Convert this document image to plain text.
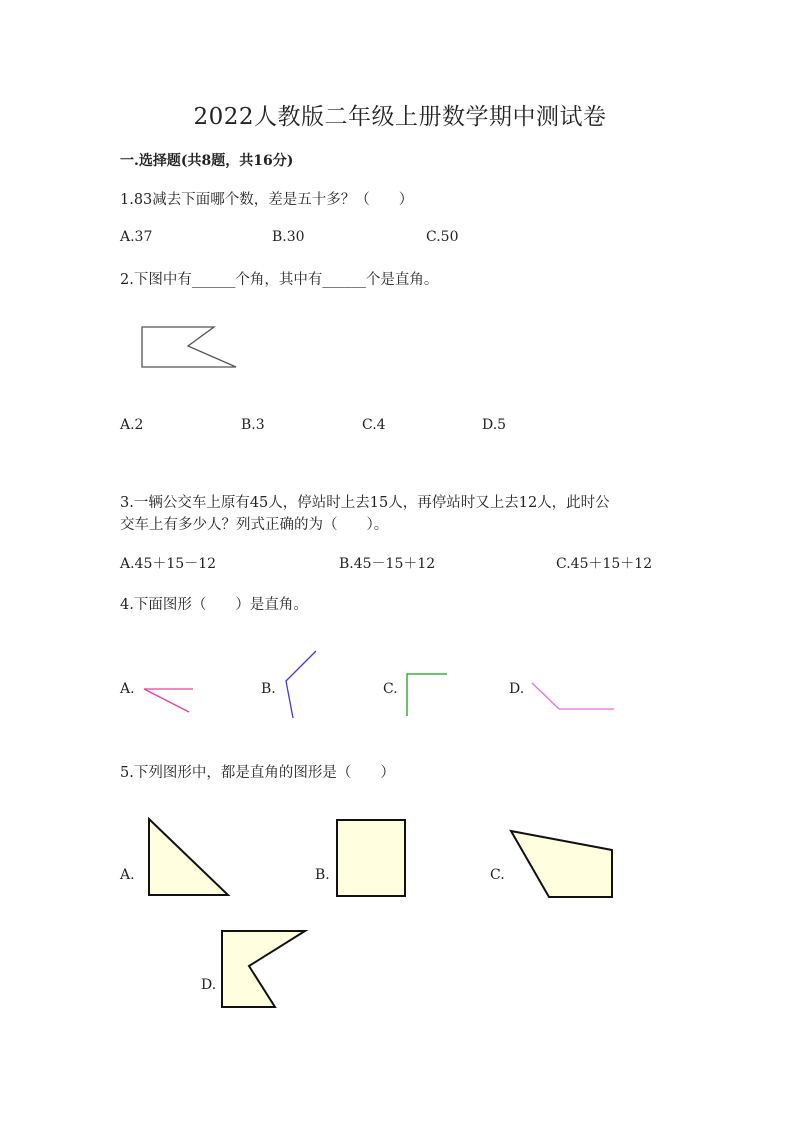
2022人教版二年级上册数学期中测试卷
一.选择题(共8题，共16分)
1.83减去下面哪个数，差是五十多？（　　）
A.37	B.30	C.50
2.下图中有______个角，其中有______个是直角。
A.2	B.3	C.4	D.5
3.一辆公交车上原有45人，停站时上去15人，再停站时又上去12人，此时公
交车上有多少人？列式正确的为（　　）。
A.45＋15－12	B.45－15＋12	C.45＋15＋12
4.下面图形（　　）是直角。
A.	B.	C.	D.
5.下列图形中，都是直角的图形是（　　）
A.	B.	C.
D.
